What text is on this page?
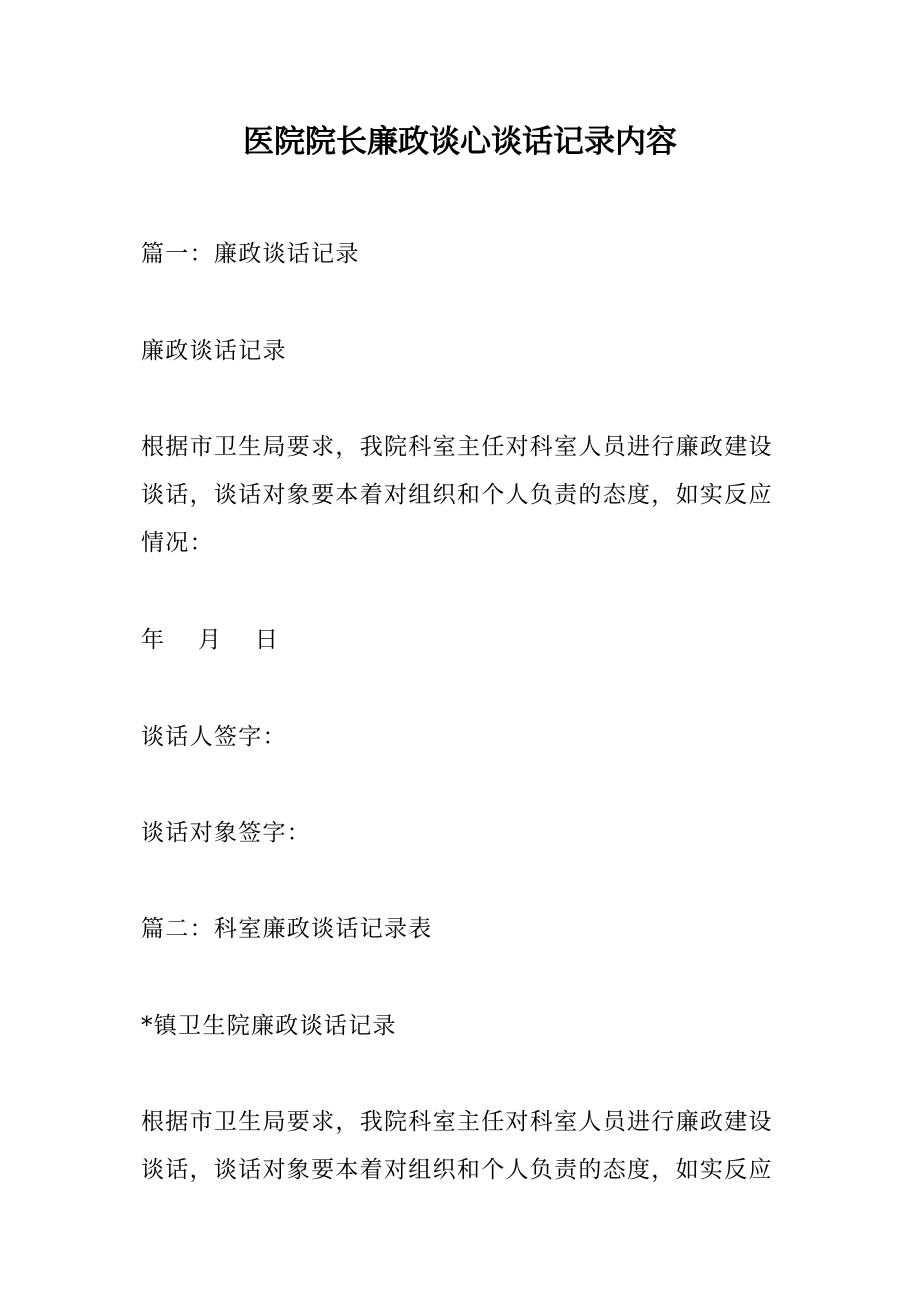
医院院长廉政谈心谈话记录内容
篇一：廉政谈话记录
廉政谈话记录
根据市卫生局要求，我院科室主任对科室人员进行廉政建设
谈话，谈话对象要本着对组织和个人负责的态度，如实反应
情况：
年 月 日
谈话人签字：
谈话对象签字：
篇二：科室廉政谈话记录表
*镇卫生院廉政谈话记录
根据市卫生局要求，我院科室主任对科室人员进行廉政建设
谈话，谈话对象要本着对组织和个人负责的态度，如实反应
